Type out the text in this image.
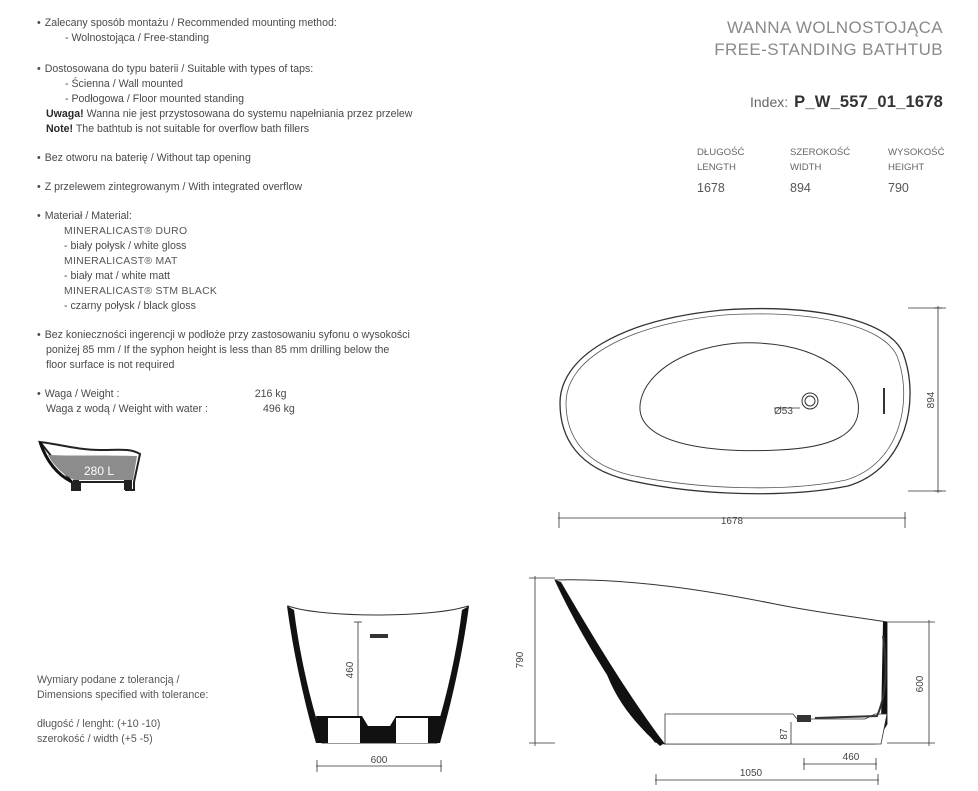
• Zalecany sposób montażu / Recommended mounting method:
- Wolnostojąca / Free-standing
• Dostosowana do typu baterii / Suitable with types of taps:
- Ścienna / Wall mounted
- Podłogowa / Floor mounted standing
Uwaga! Wanna nie jest przystosowana do systemu napełniania przez przelew
Note! The bathtub is not suitable for overflow bath fillers
• Bez otworu na baterię / Without tap opening
• Z przelewem zintegrowanym / With integrated overflow
• Materiał / Material:
MINERALICAST® DURO
- biały połysk / white gloss
MINERALICAST® MAT
- biały mat / white matt
MINERALICAST® STM BLACK
- czarny połysk / black gloss
• Bez konieczności ingerencji w podłoże przy zastosowaniu syfonu o wysokości
poniżej 85 mm / If the syphon height is less than 85 mm drilling below the
floor surface is not required
• Waga / Weight :	216 kg
Waga z wodą / Weight with water :	496 kg
280 L
WANNA WOLNOSTOJĄCA
FREE-STANDING BATHTUB
Index: P_W_557_01_1678
DŁUGOŚĆ
LENGTH
1678
SZEROKOŚĆ
WIDTH
894
WYSOKOŚĆ
HEIGHT
790
Ø53
894
1678
460
600
790
600
87
460
1050
Wymiary podane z tolerancją /
Dimensions specified with tolerance:
długość / lenght: (+10 -10)
szerokość / width (+5 -5)
